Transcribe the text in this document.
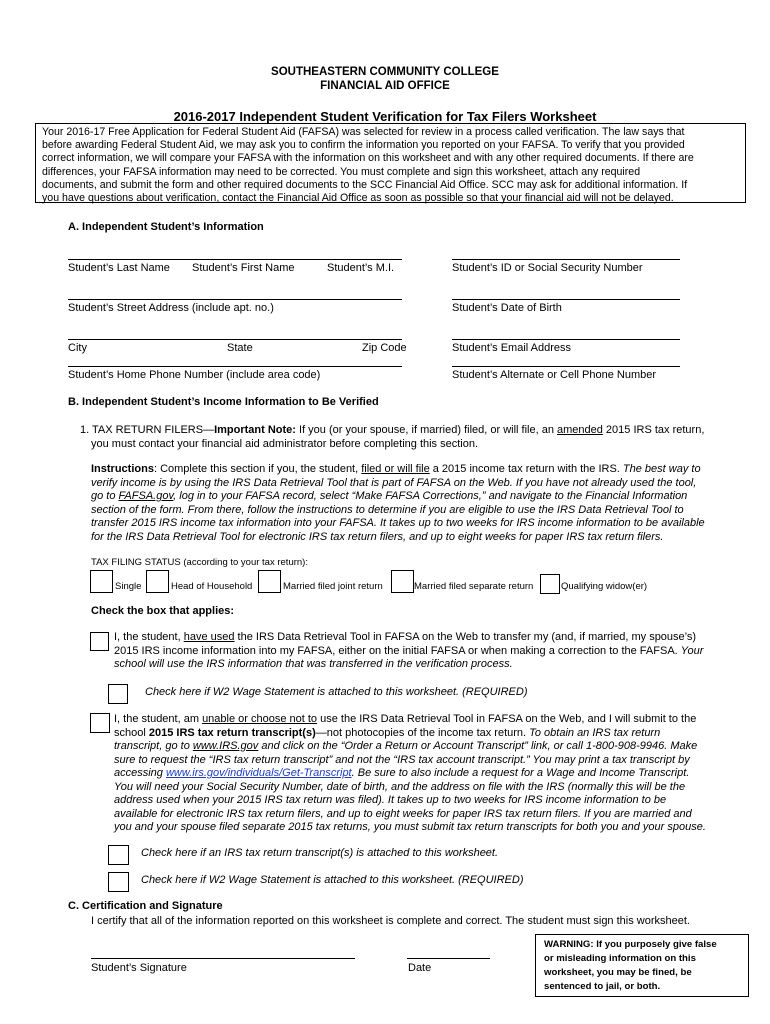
SOUTHEASTERN COMMUNITY COLLEGE
FINANCIAL AID OFFICE
2016-2017 Independent Student Verification for Tax Filers Worksheet
Your 2016-17 Free Application for Federal Student Aid (FAFSA) was selected for review in a process called verification. The law says that
before awarding Federal Student Aid, we may ask you to confirm the information you reported on your FAFSA. To verify that you provided
correct information, we will compare your FAFSA with the information on this worksheet and with any other required documents. If there are
differences, your FAFSA information may need to be corrected. You must complete and sign this worksheet, attach any required
documents, and submit the form and other required documents to the SCC Financial Aid Office. SCC may ask for additional information. If
you have questions about verification, contact the Financial Aid Office as soon as possible so that your financial aid will not be delayed.
A. Independent Student’s Information
Student’s Last Name Student’s First Name	Student’s M.I.	Student’s ID or Social Security Number
Student’s Street Address (include apt. no.)	Student’s Date of Birth
City	State	Zip Code	Student’s Email Address
Student’s Home Phone Number (include area code)	Student’s Alternate or Cell Phone Number
B. Independent Student’s Income Information to Be Verified
1. TAX RETURN FILERS—Important Note: If you (or your spouse, if married) filed, or will file, an amended 2015 IRS tax return,
you must contact your financial aid administrator before completing this section.
Instructions: Complete this section if you, the student, filed or will file a 2015 income tax return with the IRS. The best way to
verify income is by using the IRS Data Retrieval Tool that is part of FAFSA on the Web. If you have not already used the tool,
go to FAFSA.gov, log in to your FAFSA record, select “Make FAFSA Corrections,” and navigate to the Financial Information
section of the form. From there, follow the instructions to determine if you are eligible to use the IRS Data Retrieval Tool to
transfer 2015 IRS income tax information into your FAFSA. It takes up to two weeks for IRS income information to be available
for the IRS Data Retrieval Tool for electronic IRS tax return filers, and up to eight weeks for paper IRS tax return filers.
TAX FILING STATUS (according to your tax return):
Single	Head of Household	Married filed joint return	Married filed separate return	Qualifying widow(er)
Check the box that applies:
I, the student, have used the IRS Data Retrieval Tool in FAFSA on the Web to transfer my (and, if married, my spouse’s)
2015 IRS income information into my FAFSA, either on the initial FAFSA or when making a correction to the FAFSA. Your
school will use the IRS information that was transferred in the verification process.
Check here if W2 Wage Statement is attached to this worksheet. (REQUIRED)
I, the student, am unable or choose not to use the IRS Data Retrieval Tool in FAFSA on the Web, and I will submit to the
school 2015 IRS tax return transcript(s)—not photocopies of the income tax return. To obtain an IRS tax return
transcript, go to www.IRS.gov and click on the “Order a Return or Account Transcript” link, or call 1-800-908-9946. Make
sure to request the “IRS tax return transcript” and not the “IRS tax account transcript.” You may print a tax transcript by
accessing www.irs.gov/individuals/Get-Transcript. Be sure to also include a request for a Wage and Income Transcript.
You will need your Social Security Number, date of birth, and the address on file with the IRS (normally this will be the
address used when your 2015 IRS tax return was filed). It takes up to two weeks for IRS income information to be
available for electronic IRS tax return filers, and up to eight weeks for paper IRS tax return filers. If you are married and
you and your spouse filed separate 2015 tax returns, you must submit tax return transcripts for both you and your spouse.
Check here if an IRS tax return transcript(s) is attached to this worksheet.
Check here if W2 Wage Statement is attached to this worksheet. (REQUIRED)
C. Certification and Signature
I certify that all of the information reported on this worksheet is complete and correct. The student must sign this worksheet.
Student’s Signature	Date
WARNING: If you purposely give false
or misleading information on this
worksheet, you may be fined, be
sentenced to jail, or both.
